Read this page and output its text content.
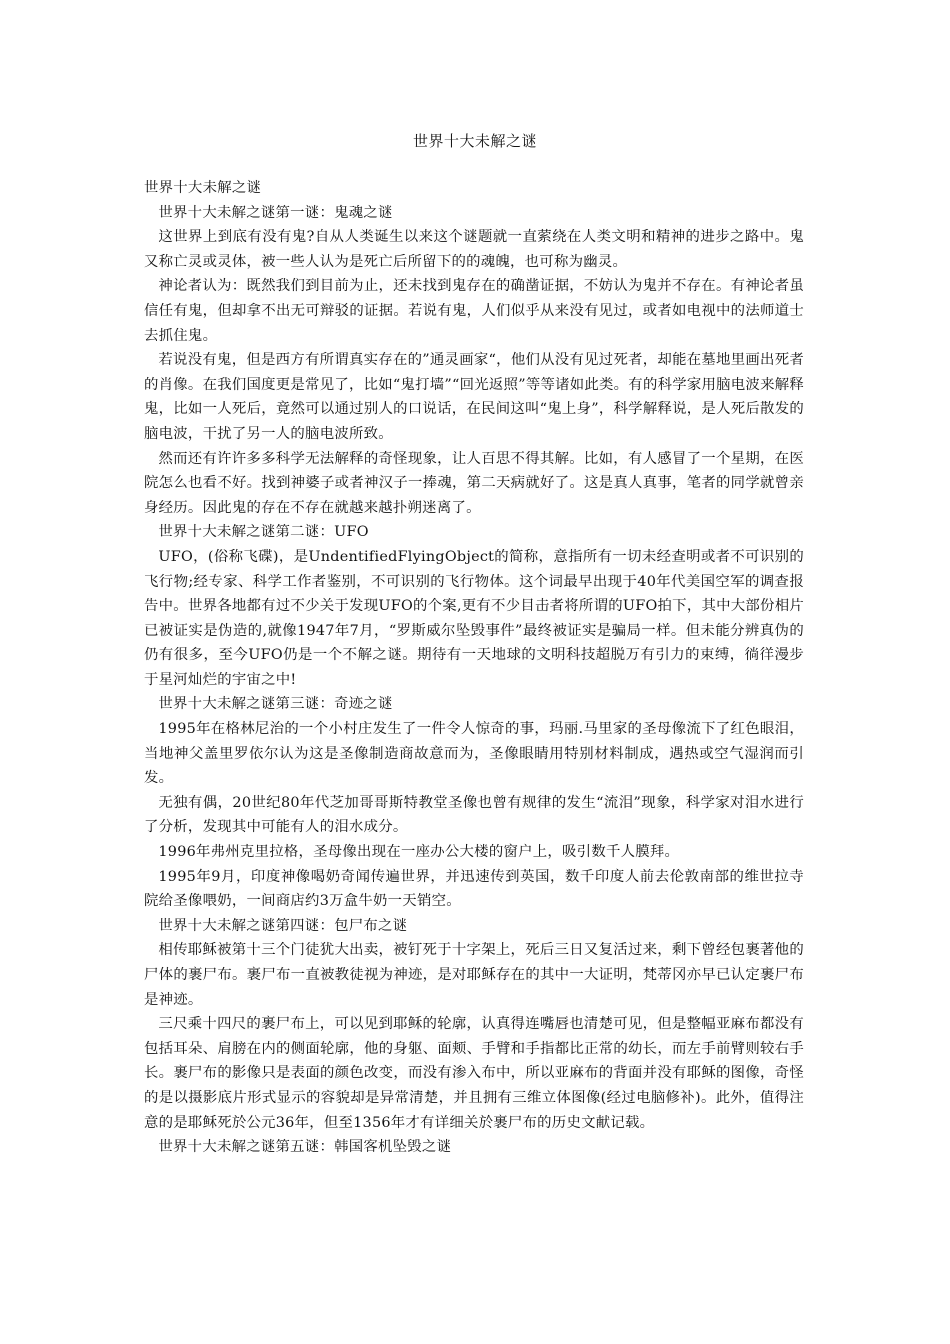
世界十大未解之谜

世界十大未解之谜

世界十大未解之谜第一谜：鬼魂之谜

这世界上到底有没有鬼?自从人类诞生以来这个谜题就一直萦绕在人类文明和精神的进步之路中。鬼又称亡灵或灵体，被一些人认为是死亡后所留下的的魂魄，也可称为幽灵。

神论者认为：既然我们到目前为止，还未找到鬼存在的确凿证据，不妨认为鬼并不存在。有神论者虽信任有鬼，但却拿不出无可辩驳的证据。若说有鬼，人们似乎从来没有见过，或者如电视中的法师道士去抓住鬼。

若说没有鬼，但是西方有所谓真实存在的”通灵画家“，他们从没有见过死者，却能在墓地里画出死者的肖像。在我们国度更是常见了，比如“鬼打墙”“回光返照”等等诸如此类。有的科学家用脑电波来解释鬼，比如一人死后，竟然可以通过别人的口说话，在民间这叫“鬼上身”，科学解释说，是人死后散发的脑电波，干扰了另一人的脑电波所致。

然而还有许许多多科学无法解释的奇怪现象，让人百思不得其解。比如，有人感冒了一个星期，在医院怎么也看不好。找到神婆子或者神汉子一捧魂，第二天病就好了。这是真人真事，笔者的同学就曾亲身经历。因此鬼的存在不存在就越来越扑朔迷离了。

世界十大未解之谜第二谜：UFO

UFO，(俗称飞碟)，是UndentifiedFlyingObject的简称，意指所有一切未经查明或者不可识别的飞行物;经专家、科学工作者鉴别，不可识别的飞行物体。这个词最早出现于40年代美国空军的调查报告中。世界各地都有过不少关于发现UFO的个案,更有不少目击者将所谓的UFO拍下，其中大部份相片已被证实是伪造的,就像1947年7月，“罗斯威尔坠毁事件”最终被证实是骗局一样。但未能分辨真伪的仍有很多，至今UFO仍是一个不解之谜。期待有一天地球的文明科技超脱万有引力的束缚，徜徉漫步于星河灿烂的宇宙之中!

世界十大未解之谜第三谜：奇迹之谜

1995年在格林尼治的一个小村庄发生了一件令人惊奇的事，玛丽.马里家的圣母像流下了红色眼泪，当地神父盖里罗依尔认为这是圣像制造商故意而为，圣像眼睛用特别材料制成，遇热或空气湿润而引发。

无独有偶，20世纪80年代芝加哥哥斯特教堂圣像也曾有规律的发生“流泪”现象，科学家对泪水进行了分析，发现其中可能有人的泪水成分。

1996年弗州克里拉格，圣母像出现在一座办公大楼的窗户上，吸引数千人膜拜。

1995年9月，印度神像喝奶奇闻传遍世界，并迅速传到英国，数千印度人前去伦敦南部的维世拉寺院给圣像喂奶，一间商店约3万盒牛奶一天销空。

世界十大未解之谜第四谜：包尸布之谜

相传耶稣被第十三个门徒犹大出卖，被钉死于十字架上，死后三日又复活过来，剩下曾经包裹著他的尸体的裹尸布。裹尸布一直被教徒视为神迹，是对耶稣存在的其中一大证明，梵蒂冈亦早已认定裹尸布是神迹。

三尺乘十四尺的裹尸布上，可以见到耶稣的轮廓，认真得连嘴唇也清楚可见，但是整幅亚麻布都没有包括耳朵、肩膀在内的侧面轮廓，他的身躯、面颊、手臂和手指都比正常的幼长，而左手前臂则较右手长。裹尸布的影像只是表面的颜色改变，而没有渗入布中，所以亚麻布的背面并没有耶稣的图像，奇怪的是以摄影底片形式显示的容貌却是异常清楚，并且拥有三维立体图像(经过电脑修补)。此外，值得注意的是耶稣死於公元36年，但至1356年才有详细关於裹尸布的历史文献记载。

世界十大未解之谜第五谜：韩国客机坠毁之谜
